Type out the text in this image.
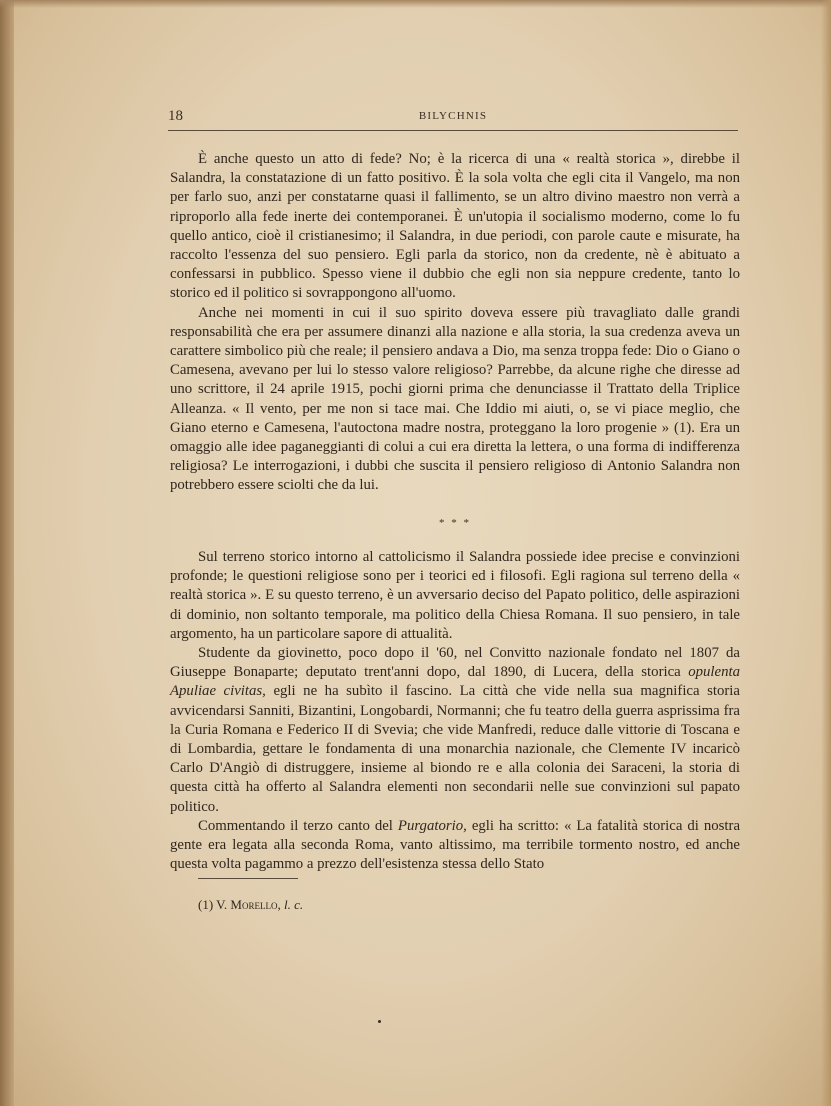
18	BILYCHNIS

È anche questo un atto di fede? No; è la ricerca di una « realtà storica », direbbe il Salandra, la constatazione di un fatto positivo. È la sola volta che egli cita il Vangelo, ma non per farlo suo, anzi per constatarne quasi il fallimento, se un altro divino maestro non verrà a riproporlo alla fede inerte dei contemporanei. È un'utopia il socialismo moderno, come lo fu quello antico, cioè il cristianesimo; il Salandra, in due periodi, con parole caute e misurate, ha raccolto l'essenza del suo pensiero. Egli parla da storico, non da credente, nè è abituato a confessarsi in pubblico. Spesso viene il dubbio che egli non sia neppure credente, tanto lo storico ed il politico si sovrappongono all'uomo.

Anche nei momenti in cui il suo spirito doveva essere più travagliato dalle grandi responsabilità che era per assumere dinanzi alla nazione e alla storia, la sua credenza aveva un carattere simbolico più che reale; il pensiero andava a Dio, ma senza troppa fede: Dio o Giano o Camesena, avevano per lui lo stesso valore religioso? Parrebbe, da alcune righe che diresse ad uno scrittore, il 24 aprile 1915, pochi giorni prima che denunciasse il Trattato della Triplice Alleanza. « Il vento, per me non si tace mai. Che Iddio mi aiuti, o, se vi piace meglio, che Giano eterno e Camesena, l'autoctona madre nostra, proteggano la loro progenie » (1). Era un omaggio alle idee paganeggianti di colui a cui era diretta la lettera, o una forma di indifferenza religiosa? Le interrogazioni, i dubbi che suscita il pensiero religioso di Antonio Salandra non potrebbero essere sciolti che da lui.

* * *

Sul terreno storico intorno al cattolicismo il Salandra possiede idee precise e convinzioni profonde; le questioni religiose sono per i teorici ed i filosofi. Egli ragiona sul terreno della « realtà storica ». E su questo terreno, è un avversario deciso del Papato politico, delle aspirazioni di dominio, non soltanto temporale, ma politico della Chiesa Romana. Il suo pensiero, in tale argomento, ha un particolare sapore di attualità.

Studente da giovinetto, poco dopo il '60, nel Convitto nazionale fondato nel 1807 da Giuseppe Bonaparte; deputato trent'anni dopo, dal 1890, di Lucera, della storica opulenta Apuliae civitas, egli ne ha subìto il fascino. La città che vide nella sua magnifica storia avvicendarsi Sanniti, Bizantini, Longobardi, Normanni; che fu teatro della guerra asprissima fra la Curia Romana e Federico II di Svevia; che vide Manfredi, reduce dalle vittorie di Toscana e di Lombardia, gettare le fondamenta di una monarchia nazionale, che Clemente IV incaricò Carlo D'Angiò di distruggere, insieme al biondo re e alla colonia dei Saraceni, la storia di questa città ha offerto al Salandra elementi non secondarii nelle sue convinzioni sul papato politico.

Commentando il terzo canto del Purgatorio, egli ha scritto: « La fatalità storica di nostra gente era legata alla seconda Roma, vanto altissimo, ma terribile tormento nostro, ed anche questa volta pagammo a prezzo dell'esistenza stessa dello Stato

(1) V. Morello, l. c.
